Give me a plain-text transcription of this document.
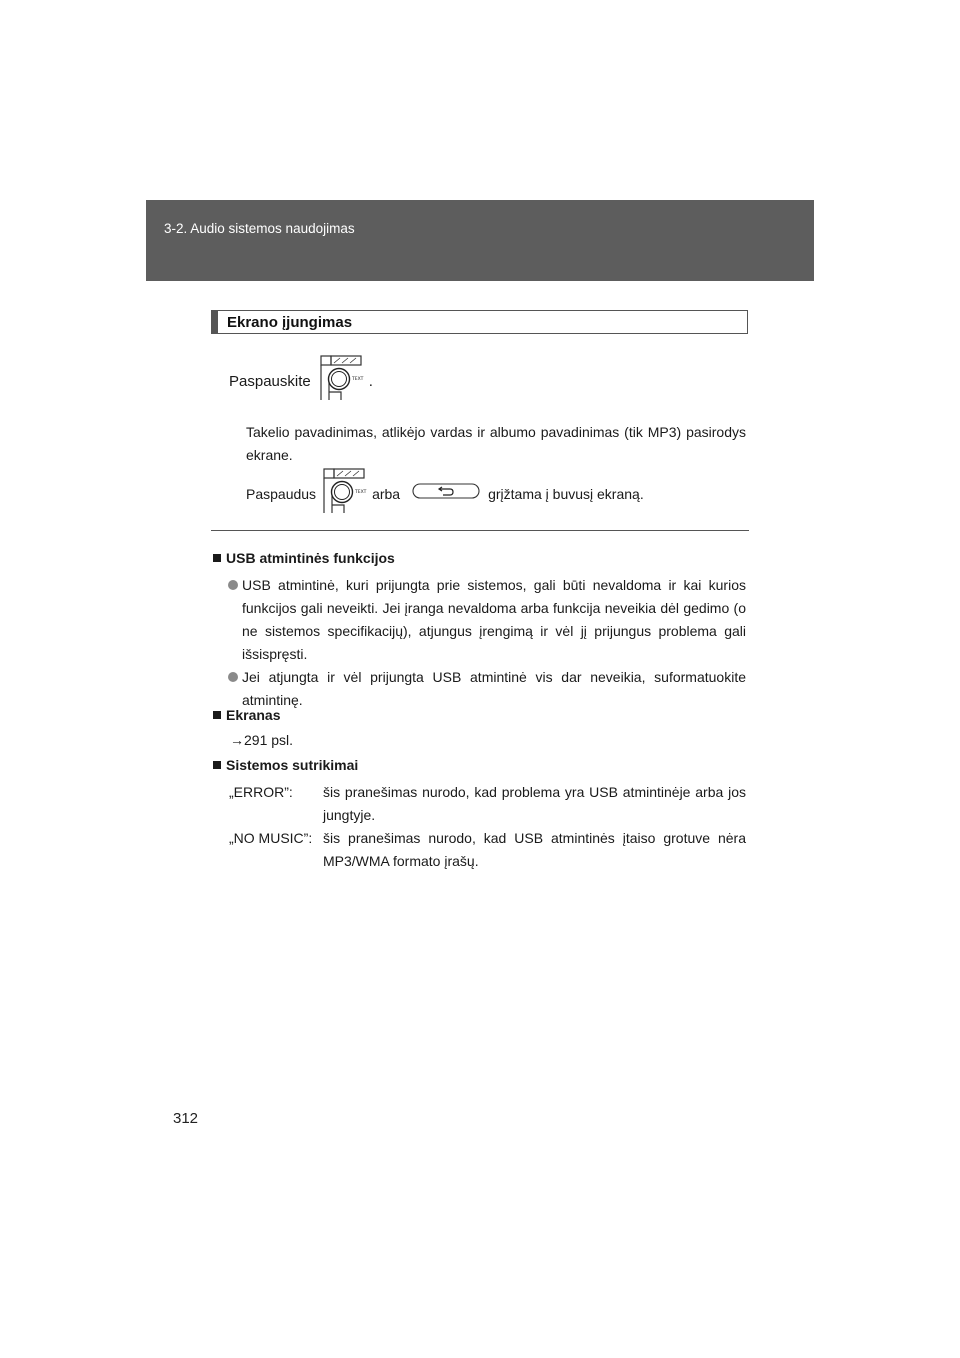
3-2. Audio sistemos naudojimas
Ekrano įjungimas
Paspauskite	TEXT .
Takelio pavadinimas, atlikėjo vardas ir albumo pavadinimas (tik MP3) pasirodys ekrane.
Paspaudus	TEXT arba	grįžtama į buvusį ekraną.
USB atmintinės funkcijos
USB atmintinė, kuri prijungta prie sistemos, gali būti nevaldoma ir kai kurios funkcijos gali neveikti. Jei įranga nevaldoma arba funkcija neveikia dėl gedimo (o ne sistemos specifikacijų), atjungus įrengimą ir vėl jį prijungus problema gali išsispręsti.
Jei atjungta ir vėl prijungta USB atmintinė vis dar neveikia, suformatuokite atmintinę.
Ekranas
→291 psl.
Sistemos sutrikimai
„ERROR”:	šis pranešimas nurodo, kad problema yra USB atmintinėje arba jos jungtyje.
„NO MUSIC”: šis pranešimas nurodo, kad USB atmintinės įtaiso grotuve nėra MP3/WMA formato įrašų.
312
